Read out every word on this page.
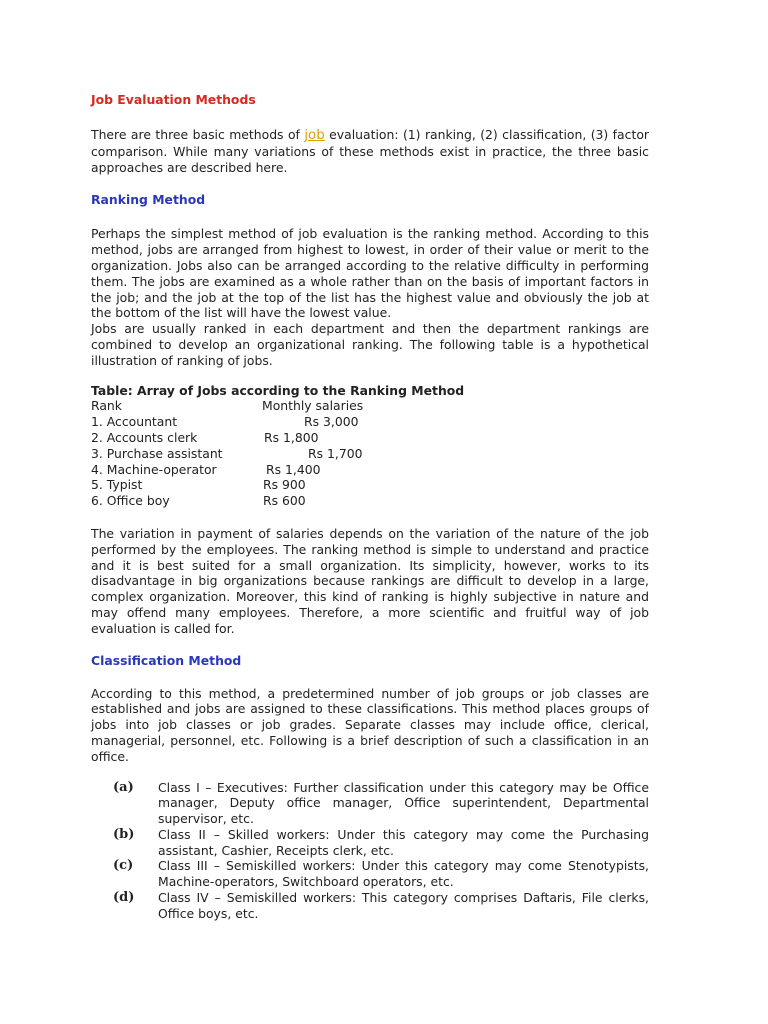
Job Evaluation Methods

There are three basic methods of job evaluation: (1) ranking, (2) classification, (3) factor comparison. While many variations of these methods exist in practice, the three basic approaches are described here.

Ranking Method

Perhaps the simplest method of job evaluation is the ranking method. According to this method, jobs are arranged from highest to lowest, in order of their value or merit to the organization. Jobs also can be arranged according to the relative difficulty in performing them. The jobs are examined as a whole rather than on the basis of important factors in the job; and the job at the top of the list has the highest value and obviously the job at the bottom of the list will have the lowest value.

Jobs are usually ranked in each department and then the department rankings are combined to develop an organizational ranking. The following table is a hypothetical illustration of ranking of jobs.

Table: Array of Jobs according to the Ranking Method
Rank	Monthly salaries
1. Accountant	Rs 3,000
2. Accounts clerk	Rs 1,800
3. Purchase assistant	Rs 1,700
4. Machine-operator	Rs 1,400
5. Typist	Rs 900
6. Office boy	Rs 600

The variation in payment of salaries depends on the variation of the nature of the job performed by the employees. The ranking method is simple to understand and practice and it is best suited for a small organization. Its simplicity, however, works to its disadvantage in big organizations because rankings are difficult to develop in a large, complex organization. Moreover, this kind of ranking is highly subjective in nature and may offend many employees. Therefore, a more scientific and fruitful way of job evaluation is called for.

Classification Method

According to this method, a predetermined number of job groups or job classes are established and jobs are assigned to these classifications. This method places groups of jobs into job classes or job grades. Separate classes may include office, clerical, managerial, personnel, etc. Following is a brief description of such a classification in an office.

(a) Class I – Executives: Further classification under this category may be Office manager, Deputy office manager, Office superintendent, Departmental supervisor, etc.
(b) Class II – Skilled workers: Under this category may come the Purchasing assistant, Cashier, Receipts clerk, etc.
(c) Class III – Semiskilled workers: Under this category may come Stenotypists, Machine-operators, Switchboard operators, etc.
(d) Class IV – Semiskilled workers: This category comprises Daftaris, File clerks, Office boys, etc.
